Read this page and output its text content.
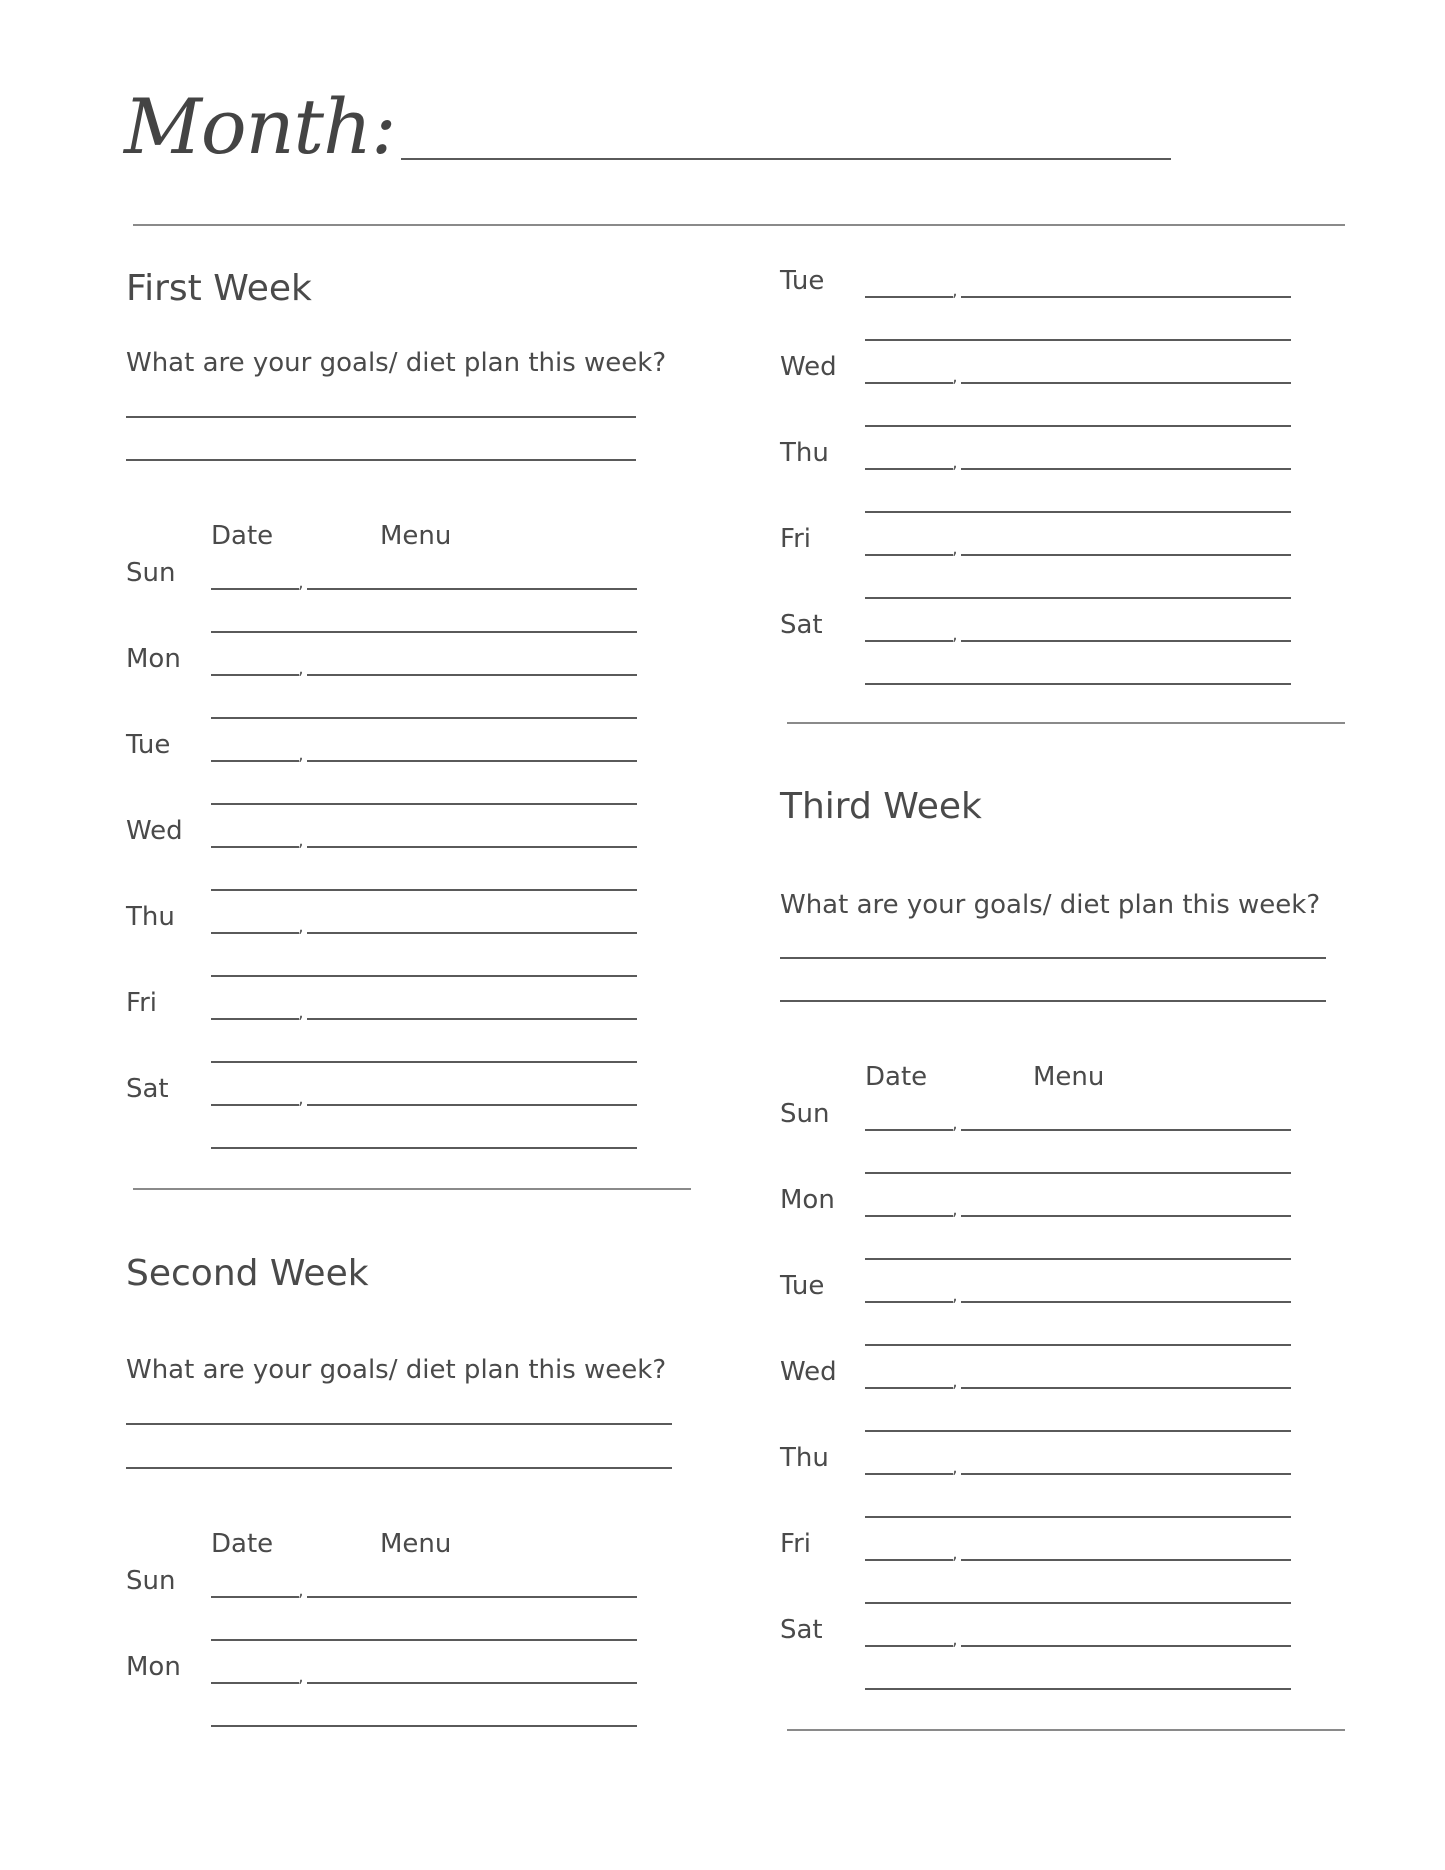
Month:
First Week
What are your goals/ diet plan this week?
Date	Menu
Sun	,
Mon	,
Tue	,
Wed	,
Thu	,
Fri	,
Sat	,
Second Week
What are your goals/ diet plan this week?
Date	Menu
Sun	,
Mon	,
Tue	,
Wed	,
Thu	,
Fri	,
Sat	,
Third Week
What are your goals/ diet plan this week?
Date	Menu
Sun	,
Mon	,
Tue	,
Wed	,
Thu	,
Fri	,
Sat	,
